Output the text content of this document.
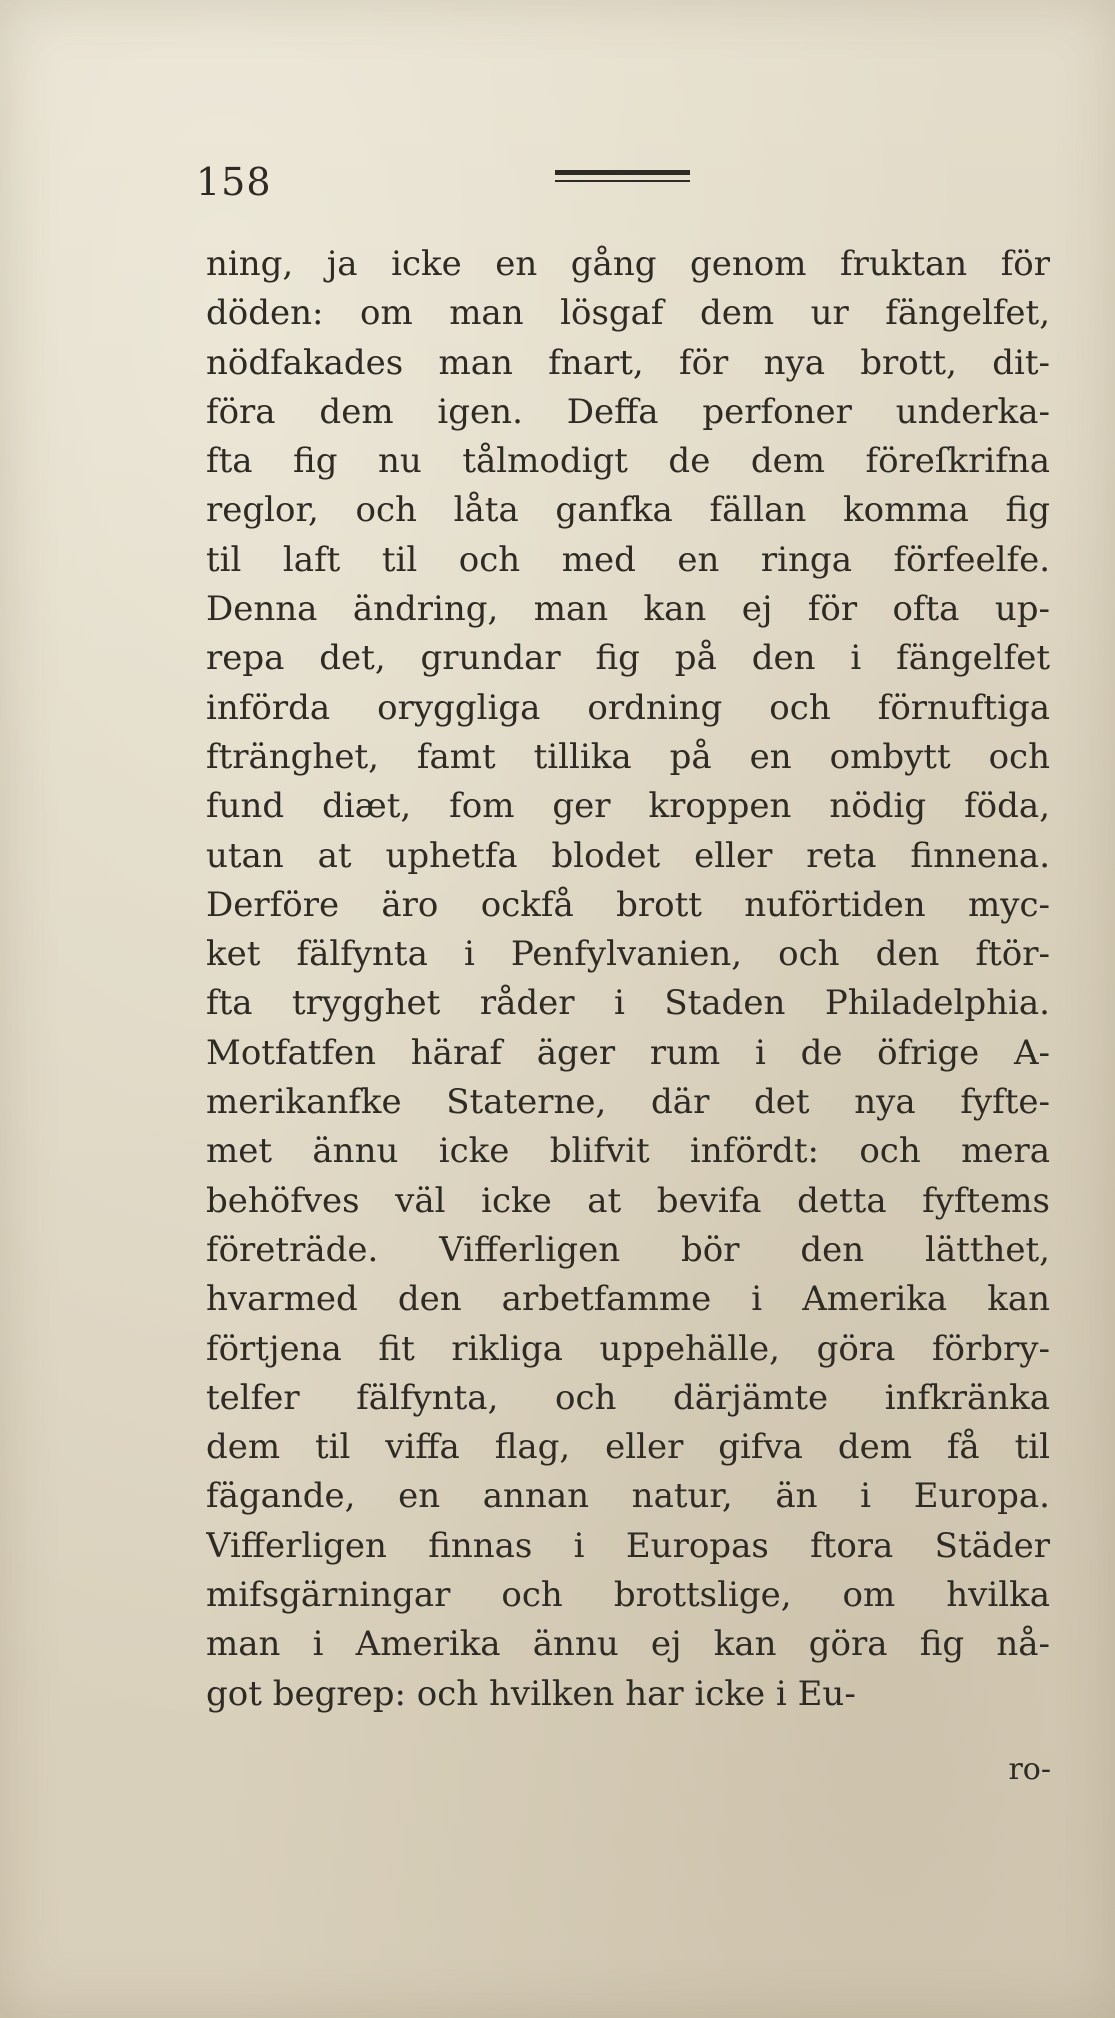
158
ning, ja icke en gång genom fruktan för
döden: om man lösgaf dem ur fängelfet,
nödfakades man fnart, för nya brott, dit-
föra dem igen. Deffa perfoner underka-
fta fig nu tålmodigt de dem föreſkrifna
reglor, och låta ganfka fällan komma fig
til laft til och med en ringa förfeelfe.
Denna ändring, man kan ej för ofta up-
repa det, grundar fig på den i fängelfet
införda oryggliga ordning och förnuftiga
ftränghet, famt tillika på en ombytt och
fund diæt, fom ger kroppen nödig föda,
utan at uphetfa blodet eller reta finnena.
Derföre äro ockfå brott nuförtiden myc-
ket fälfynta i Penfylvanien, och den ftör-
fta trygghet råder i Staden Philadelphia.
Motfatfen häraf äger rum i de öfrige A-
merikanfke Staterne, där det nya fyfte-
met ännu icke blifvit infördt: och mera
behöfves väl icke at bevifa detta fyftems
företräde. Vifferligen bör den lätthet,
hvarmed den arbetfamme i Amerika kan
förtjena fit rikliga uppehälle, göra förbry-
telfer fälfynta, och därjämte infkränka
dem til viffa flag, eller gifva dem få til
fägande, en annan natur, än i Europa.
Vifferligen finnas i Europas ftora Städer
mifsgärningar och brottslige, om hvilka
man i Amerika ännu ej kan göra fig nå-
got begrep: och hvilken har icke i Eu-
ro-
